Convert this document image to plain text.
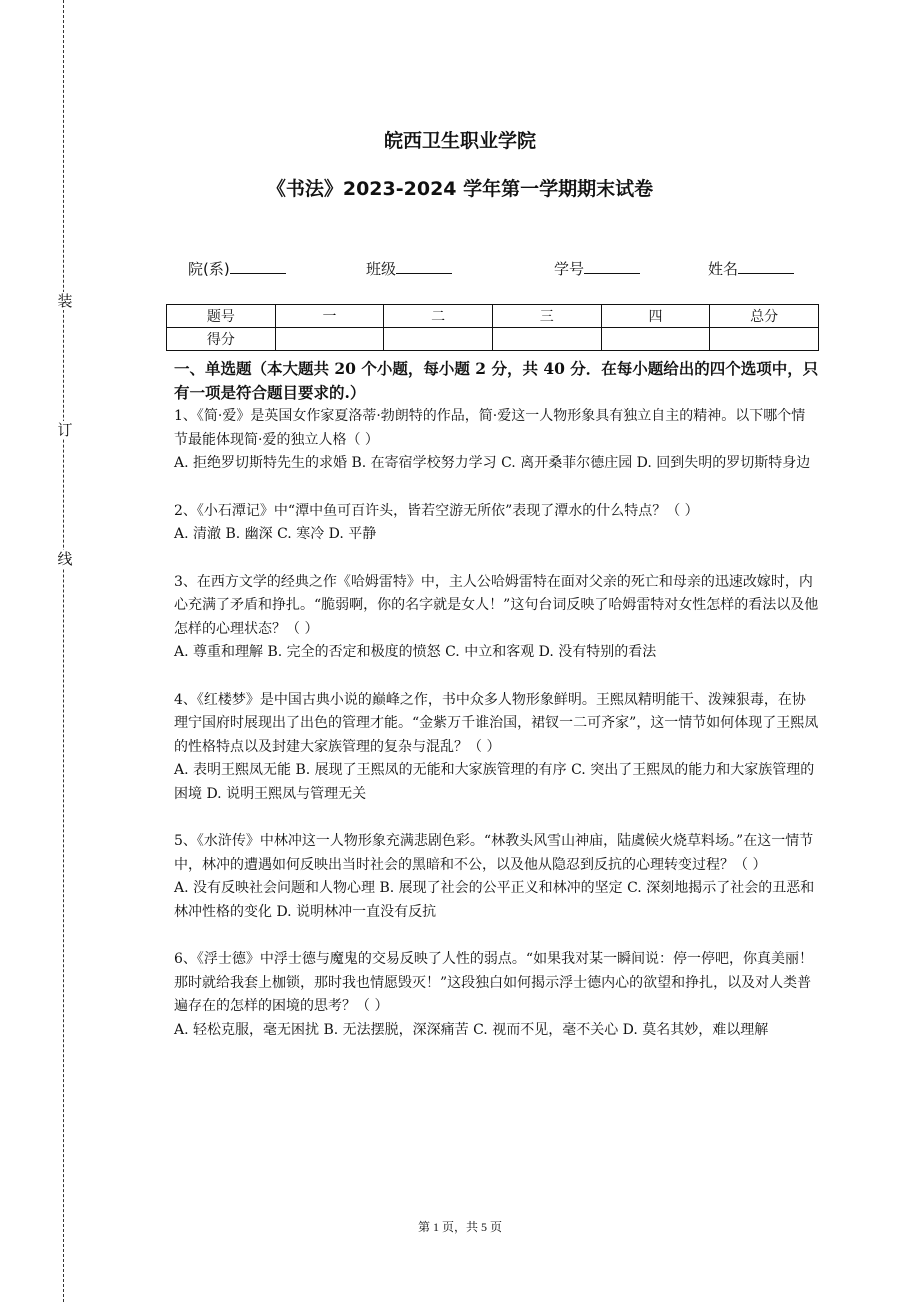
装
订
线
皖西卫生职业学院
《书法》2023-2024 学年第一学期期末试卷
院(系)	班级	学号	姓名
题号	一	二	三	四	总分
得分					

一、单选题（本大题共 20 个小题，每小题 2 分，共 40 分．在每小题给出的四个选项中，只有一项是符合题目要求的.）

1、《简·爱》是英国女作家夏洛蒂·勃朗特的作品，简·爱这一人物形象具有独立自主的精神。以下哪个情节最能体现简·爱的独立人格（ ）

A. 拒绝罗切斯特先生的求婚 B. 在寄宿学校努力学习 C. 离开桑菲尔德庄园 D. 回到失明的罗切斯特身边

2、《小石潭记》中“潭中鱼可百许头，皆若空游无所依”表现了潭水的什么特点？（ ）

A. 清澈 B. 幽深 C. 寒冷 D. 平静

3、在西方文学的经典之作《哈姆雷特》中，主人公哈姆雷特在面对父亲的死亡和母亲的迅速改嫁时，内心充满了矛盾和挣扎。“脆弱啊，你的名字就是女人！”这句台词反映了哈姆雷特对女性怎样的看法以及他怎样的心理状态？（ ）

A. 尊重和理解 B. 完全的否定和极度的愤怒 C. 中立和客观 D. 没有特别的看法

4、《红楼梦》是中国古典小说的巅峰之作，书中众多人物形象鲜明。王熙凤精明能干、泼辣狠毒，在协理宁国府时展现出了出色的管理才能。“金紫万千谁治国，裙钗一二可齐家”，这一情节如何体现了王熙凤的性格特点以及封建大家族管理的复杂与混乱？（ ）

A. 表明王熙凤无能 B. 展现了王熙凤的无能和大家族管理的有序 C. 突出了王熙凤的能力和大家族管理的困境 D. 说明王熙凤与管理无关

5、《水浒传》中林冲这一人物形象充满悲剧色彩。“林教头风雪山神庙，陆虞候火烧草料场。”在这一情节中，林冲的遭遇如何反映出当时社会的黑暗和不公，以及他从隐忍到反抗的心理转变过程？（ ）

A. 没有反映社会问题和人物心理 B. 展现了社会的公平正义和林冲的坚定 C. 深刻地揭示了社会的丑恶和林冲性格的变化 D. 说明林冲一直没有反抗

6、《浮士德》中浮士德与魔鬼的交易反映了人性的弱点。“如果我对某一瞬间说：停一停吧，你真美丽！那时就给我套上枷锁，那时我也情愿毁灭！”这段独白如何揭示浮士德内心的欲望和挣扎，以及对人类普遍存在的怎样的困境的思考？（ ）

A. 轻松克服，毫无困扰 B. 无法摆脱，深深痛苦 C. 视而不见，毫不关心 D. 莫名其妙，难以理解

第 1 页，共 5 页
